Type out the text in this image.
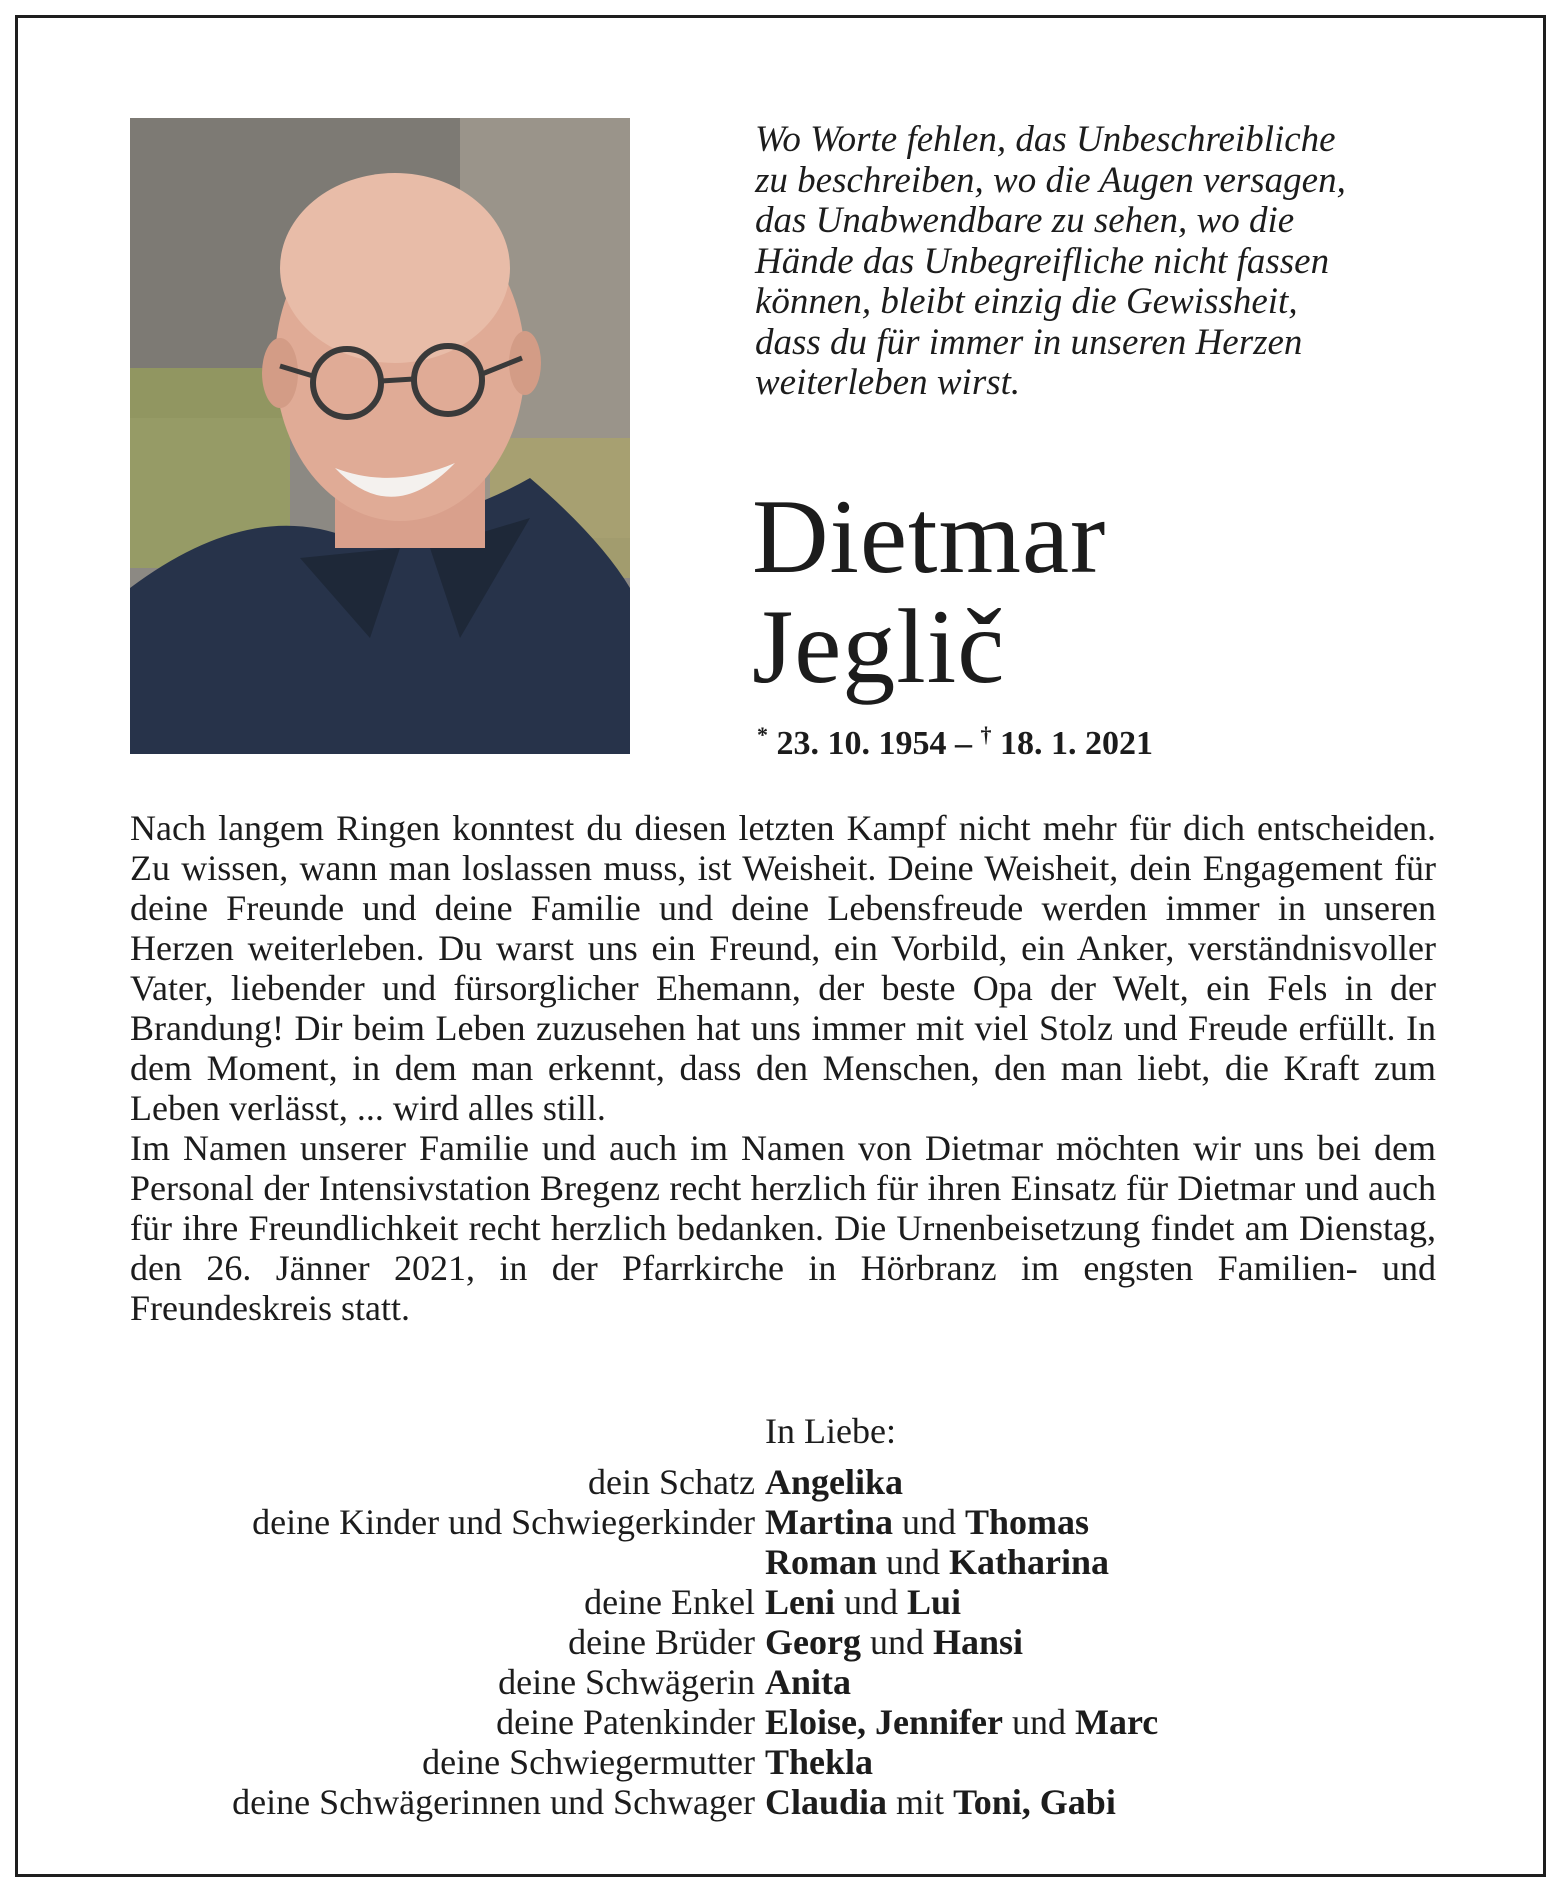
Wo Worte fehlen, das Unbeschreibliche
zu beschreiben, wo die Augen versagen,
das Unabwendbare zu sehen, wo die
Hände das Unbegreifliche nicht fassen
können, bleibt einzig die Gewissheit,
dass du für immer in unseren Herzen
weiterleben wirst.
Dietmar
Jeglič
* 23. 10. 1954 – † 18. 1. 2021

Nach langem Ringen konntest du diesen letzten Kampf nicht mehr für dich entscheiden. Zu wissen, wann man loslassen muss, ist Weisheit. Deine Weisheit, dein Engagement für deine Freunde und deine Familie und deine Lebensfreude werden immer in unseren Herzen weiterleben. Du warst uns ein Freund, ein Vorbild, ein Anker, verständnisvoller Vater, liebender und fürsorglicher Ehemann, der beste Opa der Welt, ein Fels in der Brandung! Dir beim Leben zuzusehen hat uns immer mit viel Stolz und Freude erfüllt. In dem Moment, in dem man erkennt, dass den Menschen, den man liebt, die Kraft zum Leben verlässt, ... wird alles still.

Im Namen unserer Familie und auch im Namen von Dietmar möchten wir uns bei dem Personal der Intensivstation Bregenz recht herzlich für ihren Einsatz für Dietmar und auch für ihre Freundlichkeit recht herzlich bedanken. Die Urnenbeisetzung findet am Dienstag, den 26. Jänner 2021, in der Pfarrkirche in Hörbranz im engsten Familien- und Freundeskreis statt.

In Liebe:
dein Schatz Angelika
deine Kinder und Schwiegerkinder Martina und Thomas
Roman und Katharina
deine Enkel Leni und Lui
deine Brüder Georg und Hansi
deine Schwägerin Anita
deine Patenkinder Eloise, Jennifer und Marc
deine Schwiegermutter Thekla
deine Schwägerinnen und Schwager Claudia mit Toni, Gabi
